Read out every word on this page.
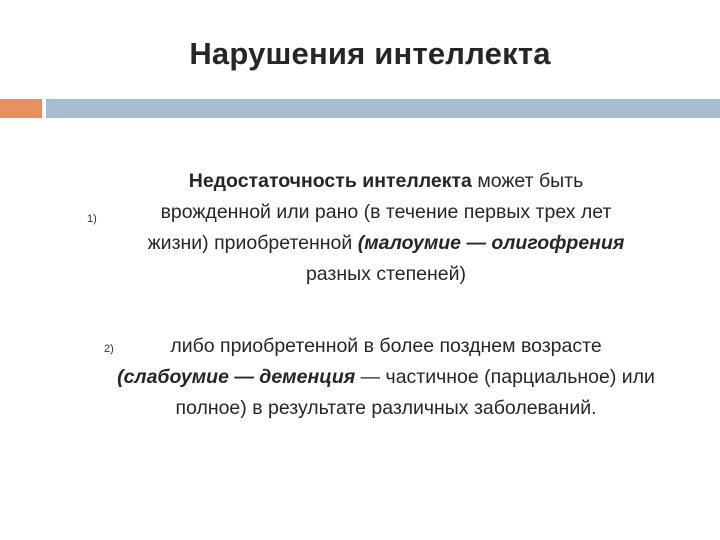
Нарушения интеллекта
1)
Недостаточность интеллекта может быть
врожденной или рано (в течение первых трех лет
жизни) приобретенной (малоумие — олигофрения
разных степеней)
2)	либо приобретенной в более позднем возрасте
(слабоумие — деменция — частичное (парциальное) или
полное) в результате различных заболеваний.
